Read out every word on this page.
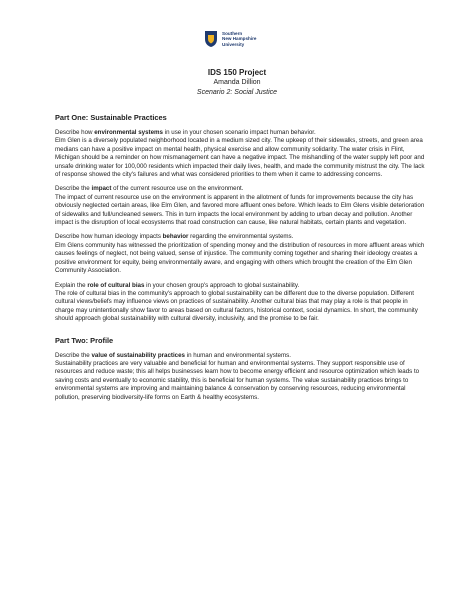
Southern
New Hampshire
University
IDS 150 Project
Amanda Dillion
Scenario 2: Social Justice

Part One: Sustainable Practices

Describe how environmental systems in use in your chosen scenario impact human behavior.

Elm Glen is a diversely populated neighborhood located in a medium sized city. The upkeep of their sidewalks, streets, and green area medians can have a positive impact on mental health, physical exercise and allow community solidarity. The water crisis in Flint, Michigan should be a reminder on how mismanagement can have a negative impact. The mishandling of the water supply left poor and unsafe drinking water for 100,000 residents which impacted their daily lives, health, and made the community mistrust the city. The lack of response showed the city's failures and what was considered priorities to them when it came to addressing concerns.

Describe the impact of the current resource use on the environment.

The impact of current resource use on the environment is apparent in the allotment of funds for improvements because the city has obviously neglected certain areas, like Elm Glen, and favored more affluent ones before. Which leads to Elm Glens visible deterioration of sidewalks and full/uncleaned sewers. This in turn impacts the local environment by adding to urban decay and pollution. Another impact is the disruption of local ecosystems that road construction can cause, like natural habitats, certain plants and vegetation.

Describe how human ideology impacts behavior regarding the environmental systems.

Elm Glens community has witnessed the prioritization of spending money and the distribution of resources in more affluent areas which causes feelings of neglect, not being valued, sense of injustice. The community coming together and sharing their ideology creates a positive environment for equity, being environmentally aware, and engaging with others which brought the creation of the Elm Glen Community Association.

Explain the role of cultural bias in your chosen group's approach to global sustainability.

The role of cultural bias in the community's approach to global sustainability can be different due to the diverse population. Different cultural views/beliefs may influence views on practices of sustainability. Another cultural bias that may play a role is that people in charge may unintentionally show favor to areas based on cultural factors, historical context, social dynamics. In short, the community should approach global sustainability with cultural diversity, inclusivity, and the promise to be fair.

Part Two: Profile

Describe the value of sustainability practices in human and environmental systems.

Sustainability practices are very valuable and beneficial for human and environmental systems. They support responsible use of resources and reduce waste; this all helps businesses learn how to become energy efficient and resource optimization which leads to saving costs and eventually to economic stability, this is beneficial for human systems. The value sustainability practices brings to environmental systems are improving and maintaining balance & conservation by conserving resources, reducing environmental pollution, preserving biodiversity-life forms on Earth & healthy ecosystems.
